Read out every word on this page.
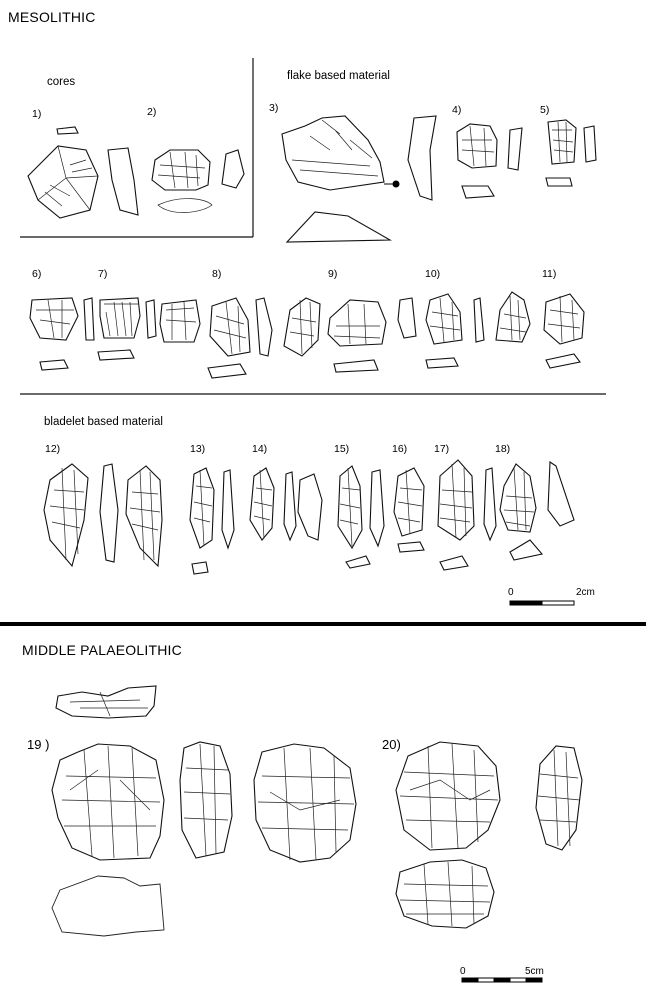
MESOLITHIC
MIDDLE PALAEOLITHIC
cores	flake based material
bladelet based material
1)	2)	3)	4)	5)
6)	7)	8)	9)	10)	11)
12)	13)	14)	15)	16)	17)	18)
19 )	20)
0	2cm
0	5cm
